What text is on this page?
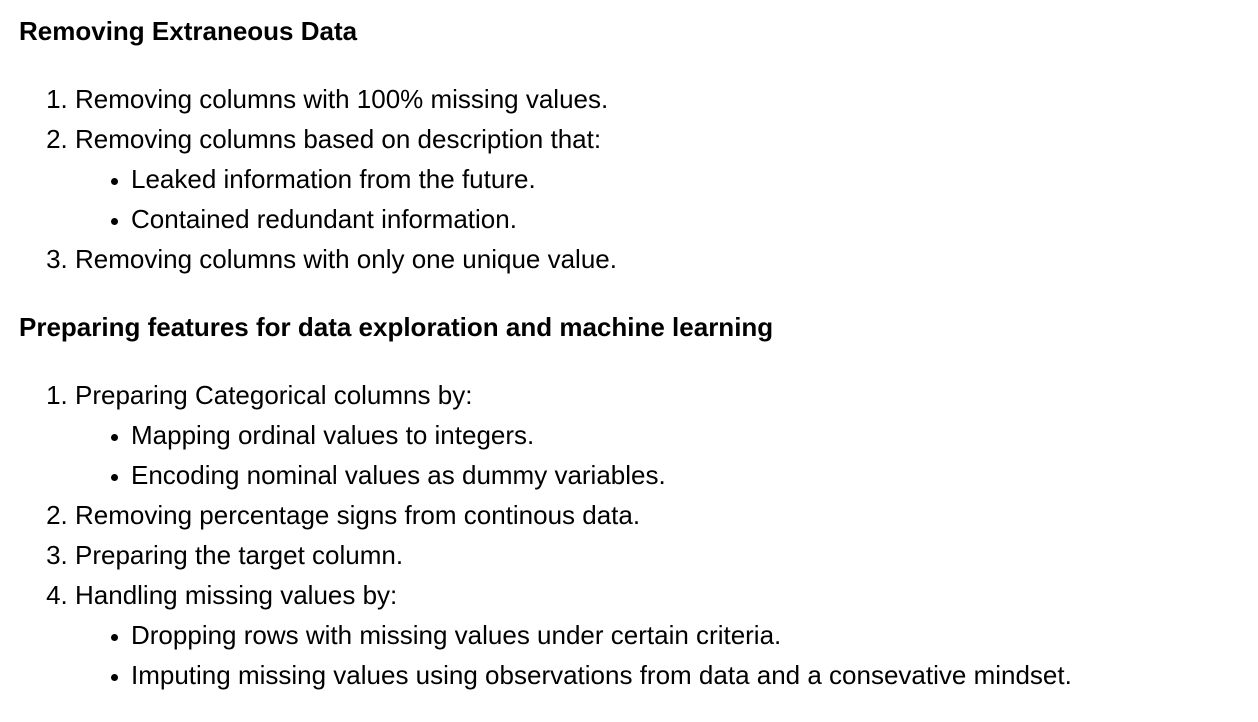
Removing Extraneous Data
1. Removing columns with 100% missing values.
2. Removing columns based on description that:
• Leaked information from the future.
• Contained redundant information.
3. Removing columns with only one unique value.
Preparing features for data exploration and machine learning
1. Preparing Categorical columns by:
• Mapping ordinal values to integers.
• Encoding nominal values as dummy variables.
2. Removing percentage signs from continous data.
3. Preparing the target column.
4. Handling missing values by:
• Dropping rows with missing values under certain criteria.
• Imputing missing values using observations from data and a consevative mindset.
